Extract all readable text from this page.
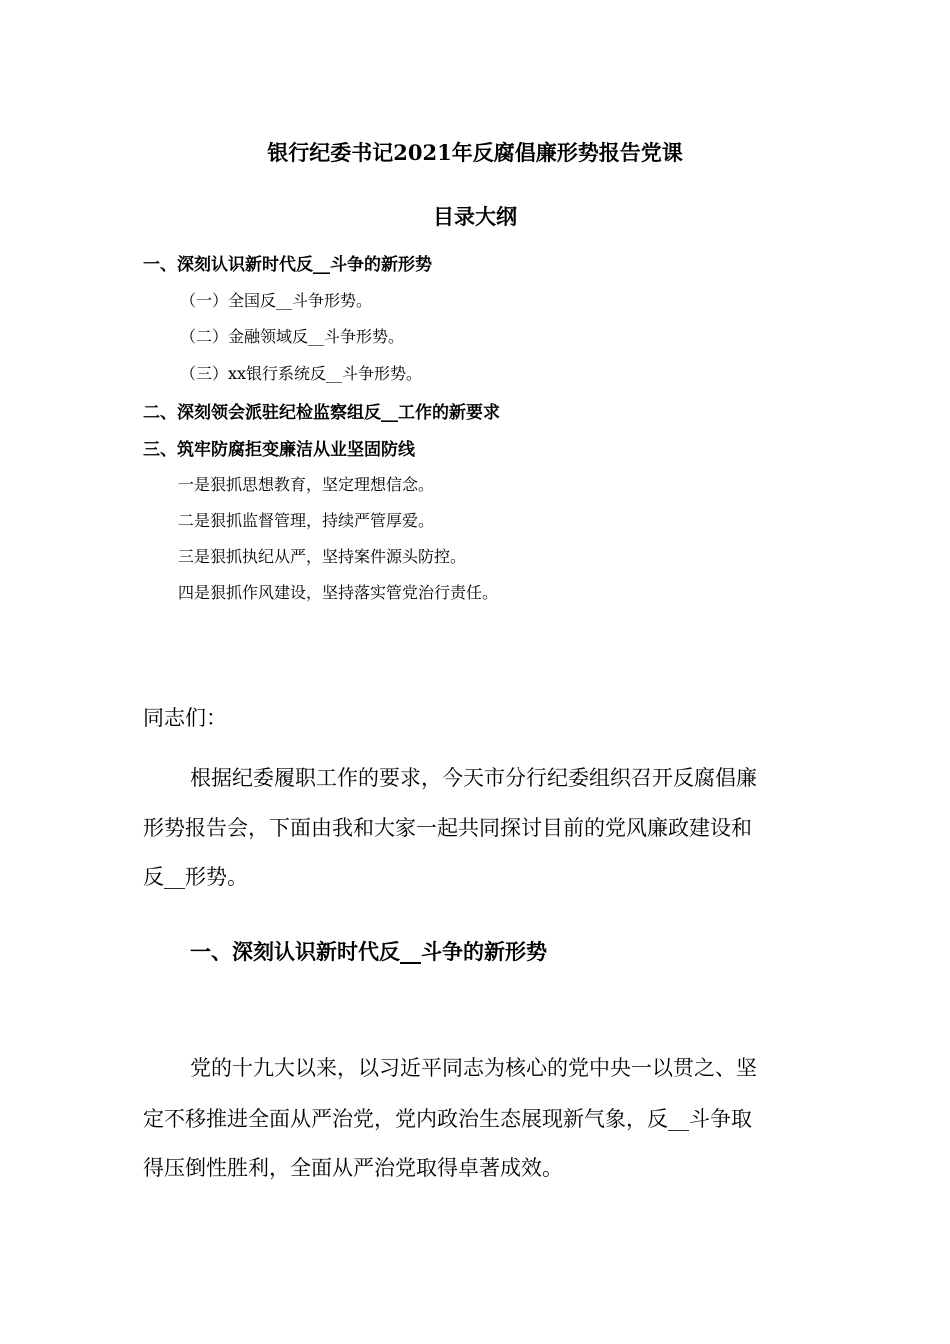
银行纪委书记2021年反腐倡廉形势报告党课
目录大纲
一、深刻认识新时代反__斗争的新形势
（一）全国反__斗争形势。
（二）金融领域反__斗争形势。
（三）xx银行系统反__斗争形势。
二、深刻领会派驻纪检监察组反__工作的新要求
三、筑牢防腐拒变廉洁从业坚固防线
一是狠抓思想教育，坚定理想信念。
二是狠抓监督管理，持续严管厚爱。
三是狠抓执纪从严，坚持案件源头防控。
四是狠抓作风建设，坚持落实管党治行责任。
同志们：
根据纪委履职工作的要求，今天市分行纪委组织召开反腐倡廉
形势报告会，下面由我和大家一起共同探讨目前的党风廉政建设和
反__形势。
一、深刻认识新时代反__斗争的新形势
党的十九大以来，以习近平同志为核心的党中央一以贯之、坚
定不移推进全面从严治党，党内政治生态展现新气象，反__斗争取
得压倒性胜利，全面从严治党取得卓著成效。
